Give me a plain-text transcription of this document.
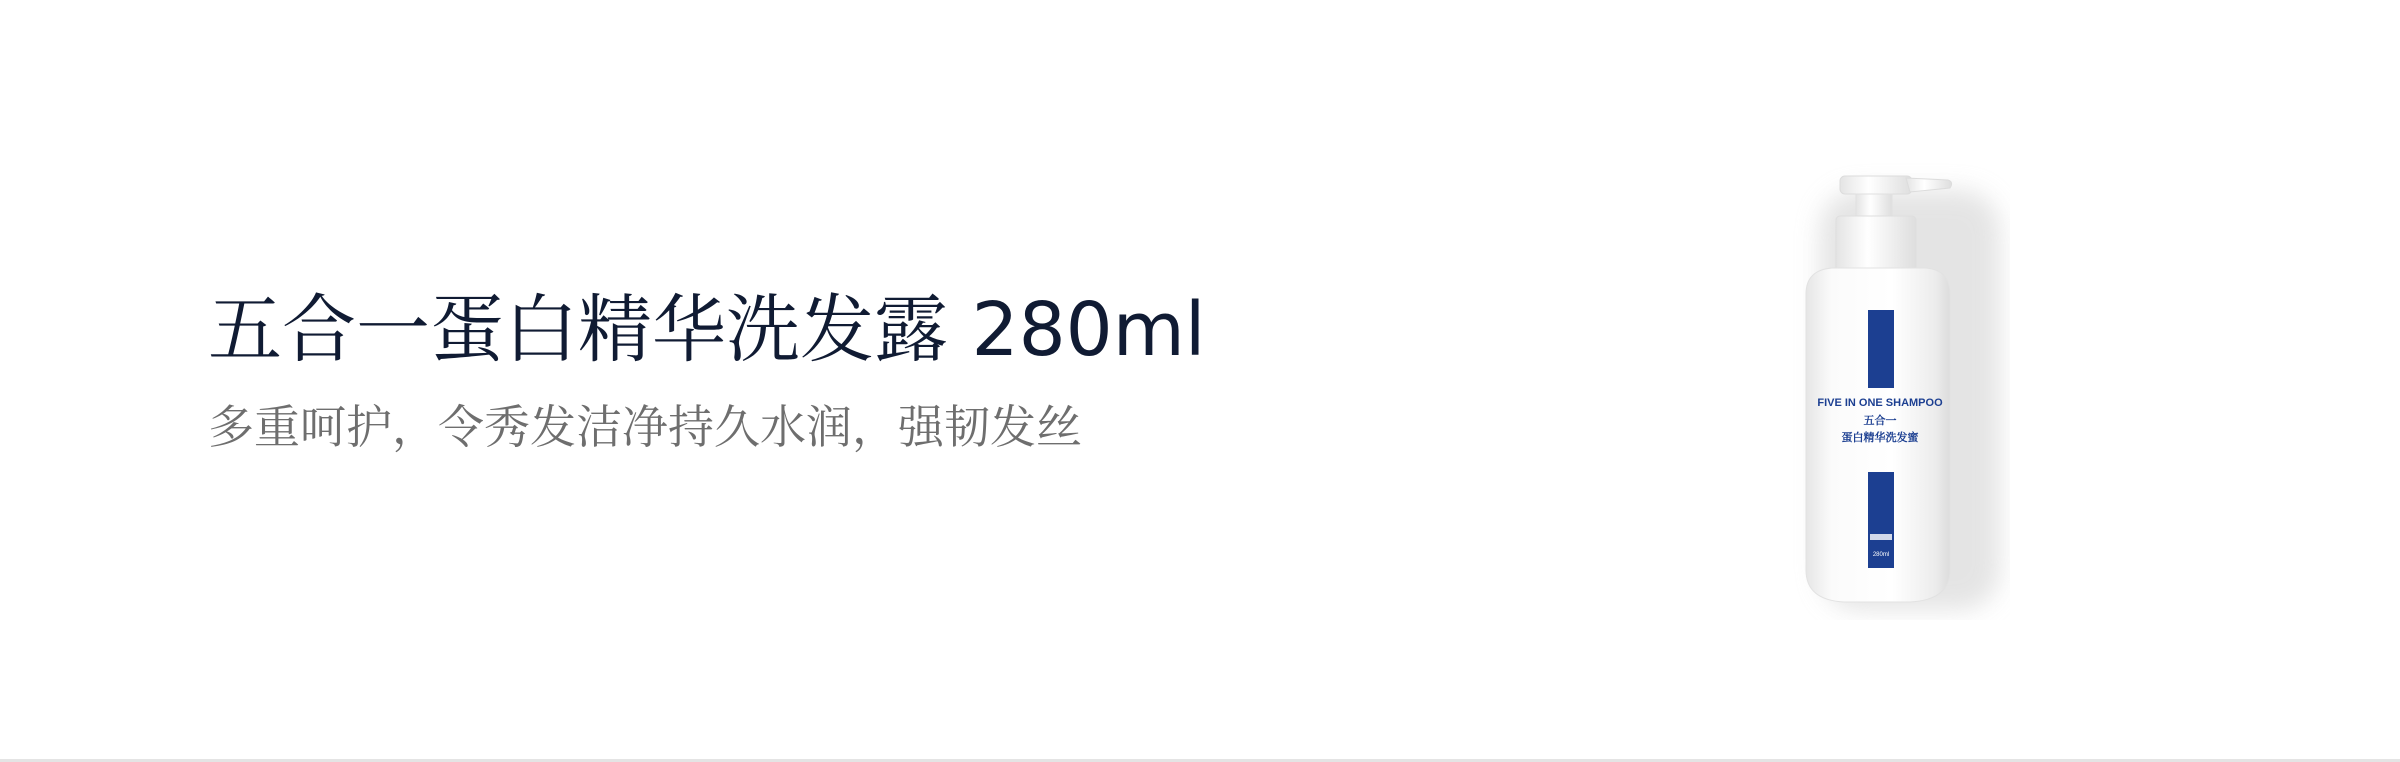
五合一蛋白精华洗发露 280ml

多重呵护，令秀发洁净持久水润，强韧发丝	FIVE IN ONE SHAMPOO
五合一
蛋白精华洗发蜜
280ml
